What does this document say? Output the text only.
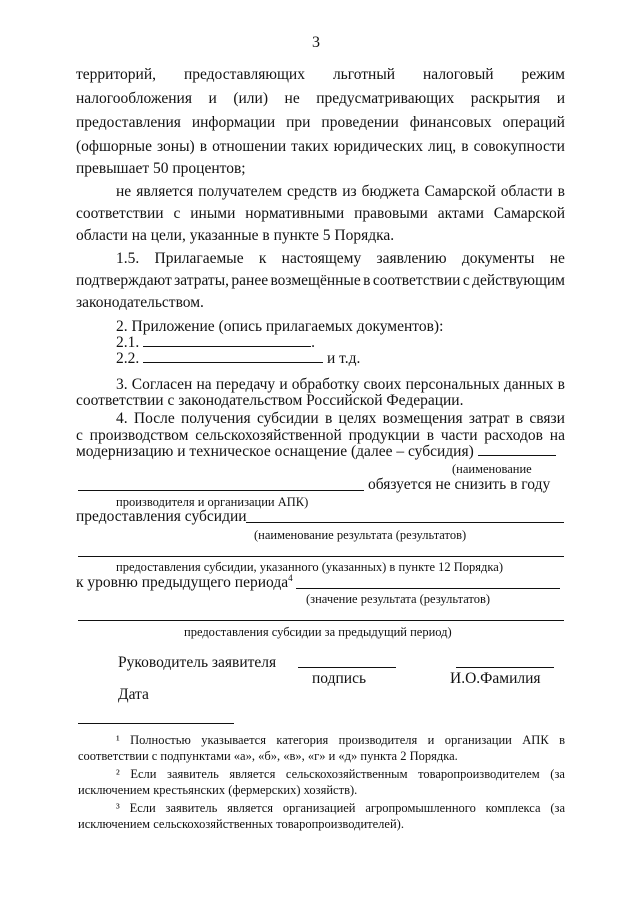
3
территорий, предоставляющих льготный налоговый режим
налогообложения и (или) не предусматривающих раскрытия и
предоставления информации при проведении финансовых операций
(офшорные зоны) в отношении таких юридических лиц, в совокупности
превышает 50 процентов;
не является получателем средств из бюджета Самарской области в
соответствии с иными нормативными правовыми актами Самарской
области на цели, указанные в пункте 5 Порядка.
1.5. Прилагаемые к настоящему заявлению документы не
подтверждают затраты, ранее возмещённые в соответствии с действующим
законодательством.
2. Приложение (опись прилагаемых документов):
2.1.	.
2.2.	и т.д.
3. Согласен на передачу и обработку своих персональных данных в
соответствии с законодательством Российской Федерации.
4. После получения субсидии в целях возмещения затрат в связи
с производством сельскохозяйственной продукции в части расходов на
модернизацию и техническое оснащение (далее – субсидия)
(наименование
обязуется не снизить в году
производителя и организации АПК)
предоставления субсидии
(наименование результата (результатов)
предоставления субсидии, указанного (указанных) в пункте 12 Порядка)
к уровню предыдущего периода$^4$
(значение результата (результатов)
предоставления субсидии за предыдущий период)
Руководитель заявителя
подпись	И.О.Фамилия
Дата
¹ Полностью указывается категория производителя и организации АПК в
соответствии с подпунктами «а», «б», «в», «г» и «д» пункта 2 Порядка.
² Если заявитель является сельскохозяйственным товаропроизводителем (за
исключением крестьянских (фермерских) хозяйств).
³ Если заявитель является организацией агропромышленного комплекса (за
исключением сельскохозяйственных товаропроизводителей).
